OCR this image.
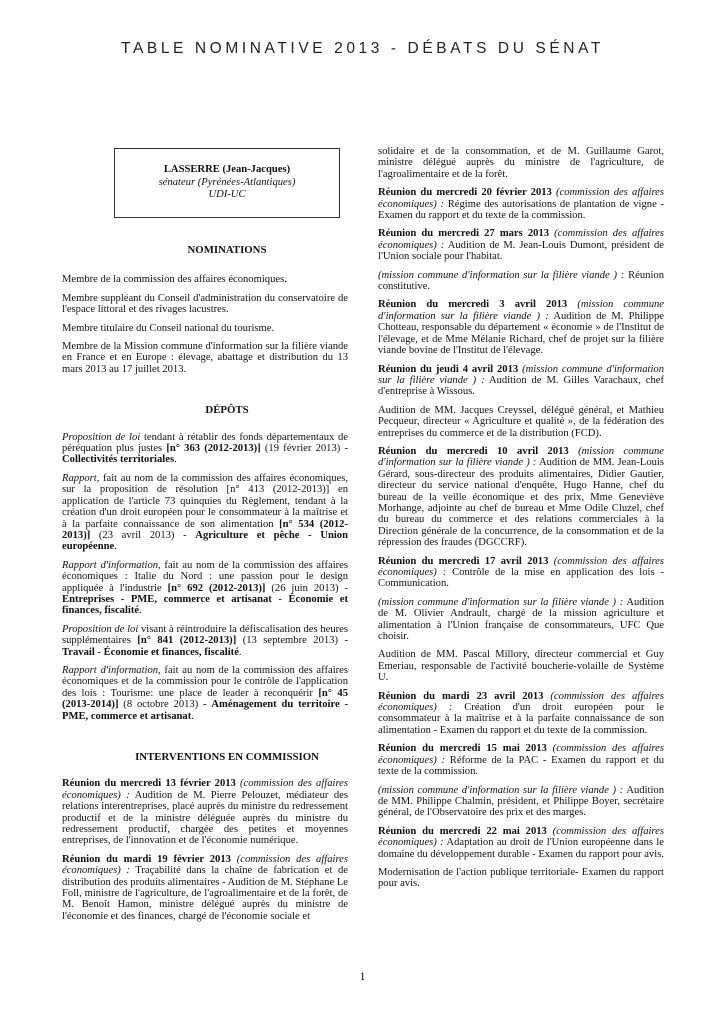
TABLE NOMINATIVE 2013 - DÉBATS DU SÉNAT
LASSERRE (Jean-Jacques)
sénateur (Pyrénées-Atlantiques)
UDI-UC
NOMINATIONS

Membre de la commission des affaires économiques.

Membre suppléant du Conseil d'administration du conservatoire de l'espace littoral et des rivages lacustres.

Membre titulaire du Conseil national du tourisme.

Membre de la Mission commune d'information sur la filière viande en France et en Europe : élevage, abattage et distribution du 13 mars 2013 au 17 juillet 2013.

DÉPÔTS

Proposition de loi tendant à rétablir des fonds départementaux de péréquation plus justes [n° 363 (2012-2013)] (19 février 2013) - Collectivités territoriales.

Rapport, fait au nom de la commission des affaires économiques, sur la proposition de résolution [n° 413 (2012-2013)] en application de l'article 73 quinquies du Règlement, tendant à la création d'un droit européen pour le consommateur à la maîtrise et à la parfaite connaissance de son alimentation [n° 534 (2012-2013)] (23 avril 2013) - Agriculture et pêche - Union européenne.

Rapport d'information, fait au nom de la commission des affaires économiques : Italie du Nord : une passion pour le design appliquée à l'industrie [n° 692 (2012-2013)] (26 juin 2013) - Entreprises - PME, commerce et artisanat - Économie et finances, fiscalité.

Proposition de loi visant à réintroduire la défiscalisation des heures supplémentaires [n° 841 (2012-2013)] (13 septembre 2013) - Travail - Économie et finances, fiscalité.

Rapport d'information, fait au nom de la commission des affaires économiques et de la commission pour le contrôle de l'application des lois : Tourisme: une place de leader à reconquérir [n° 45 (2013-2014)] (8 octobre 2013) - Aménagement du territoire - PME, commerce et artisanat.

INTERVENTIONS EN COMMISSION

Réunion du mercredi 13 février 2013 (commission des affaires économiques) : Audition de M. Pierre Pelouzet, médiateur des relations interentreprises, placé auprès du ministre du redressement productif et de la ministre déléguée auprès du ministre du redressement productif, chargée des petites et moyennes entreprises, de l'innovation et de l'économie numérique.

Réunion du mardi 19 février 2013 (commission des affaires économiques) : Traçabilité dans la chaîne de fabrication et de distribution des produits alimentaires - Audition de M. Stéphane Le Foll, ministre de l'agriculture, de l'agroalimentaire et de la forêt, de M. Benoît Hamon, ministre délégué auprès du ministre de l'économie et des finances, chargé de l'économie sociale et

solidaire et de la consommation, et de M. Guillaume Garot, ministre délégué auprès du ministre de l'agriculture, de l'agroalimentaire et de la forêt.

Réunion du mercredi 20 février 2013 (commission des affaires économiques) : Régime des autorisations de plantation de vigne - Examen du rapport et du texte de la commission.

Réunion du mercredi 27 mars 2013 (commission des affaires économiques) : Audition de M. Jean-Louis Dumont, président de l'Union sociale pour l'habitat.

(mission commune d'information sur la filière viande ) : Réunion constitutive.

Réunion du mercredi 3 avril 2013 (mission commune d'information sur la filière viande ) : Audition de M. Philippe Chotteau, responsable du département « économie » de l'Institut de l'élevage, et de Mme Mélanie Richard, chef de projet sur la filière viande bovine de l'Institut de l'élevage.

Réunion du jeudi 4 avril 2013 (mission commune d'information sur la filière viande ) : Audition de M. Gilles Varachaux, chef d'entreprise à Wissous.

Audition de MM. Jacques Creyssel, délégué général, et Mathieu Pecqueur, directeur « Agriculture et qualité », de la fédération des entreprises du commerce et de la distribution (FCD).

Réunion du mercredi 10 avril 2013 (mission commune d'information sur la filière viande ) : Audition de MM. Jean-Louis Gérard, sous-directeur des produits alimentaires, Didier Gautier, directeur du service national d'enquête, Hugo Hanne, chef du bureau de la veille économique et des prix, Mme Geneviève Morhange, adjointe au chef de bureau et Mme Odile Cluzel, chef du bureau du commerce et des relations commerciales à la Direction générale de la concurrence, de la consommation et de la répression des fraudes (DGCCRF).

Réunion du mercredi 17 avril 2013 (commission des affaires économiques) : Contrôle de la mise en application des lois - Communication.

(mission commune d'information sur la filière viande ) : Audition de M. Olivier Andrault, chargé de la mission agriculture et alimentation à l'Union française de consommateurs, UFC Que choisir.

Audition de MM. Pascal Millory, directeur commercial et Guy Emeriau, responsable de l'activité boucherie-volaille de Système U.

Réunion du mardi 23 avril 2013 (commission des affaires économiques) : Création d'un droit européen pour le consommateur à la maîtrise et à la parfaite connaissance de son alimentation - Examen du rapport et du texte de la commission.

Réunion du mercredi 15 mai 2013 (commission des affaires économiques) : Réforme de la PAC - Examen du rapport et du texte de la commission.

(mission commune d'information sur la filière viande ) : Audition de MM. Philippe Chalmin, président, et Philippe Boyer, secrétaire général, de l'Observatoire des prix et des marges.

Réunion du mercredi 22 mai 2013 (commission des affaires économiques) : Adaptation au droit de l'Union européenne dans le domaine du développement durable - Examen du rapport pour avis.

Modernisation de l'action publique territoriale- Examen du rapport pour avis.

1
